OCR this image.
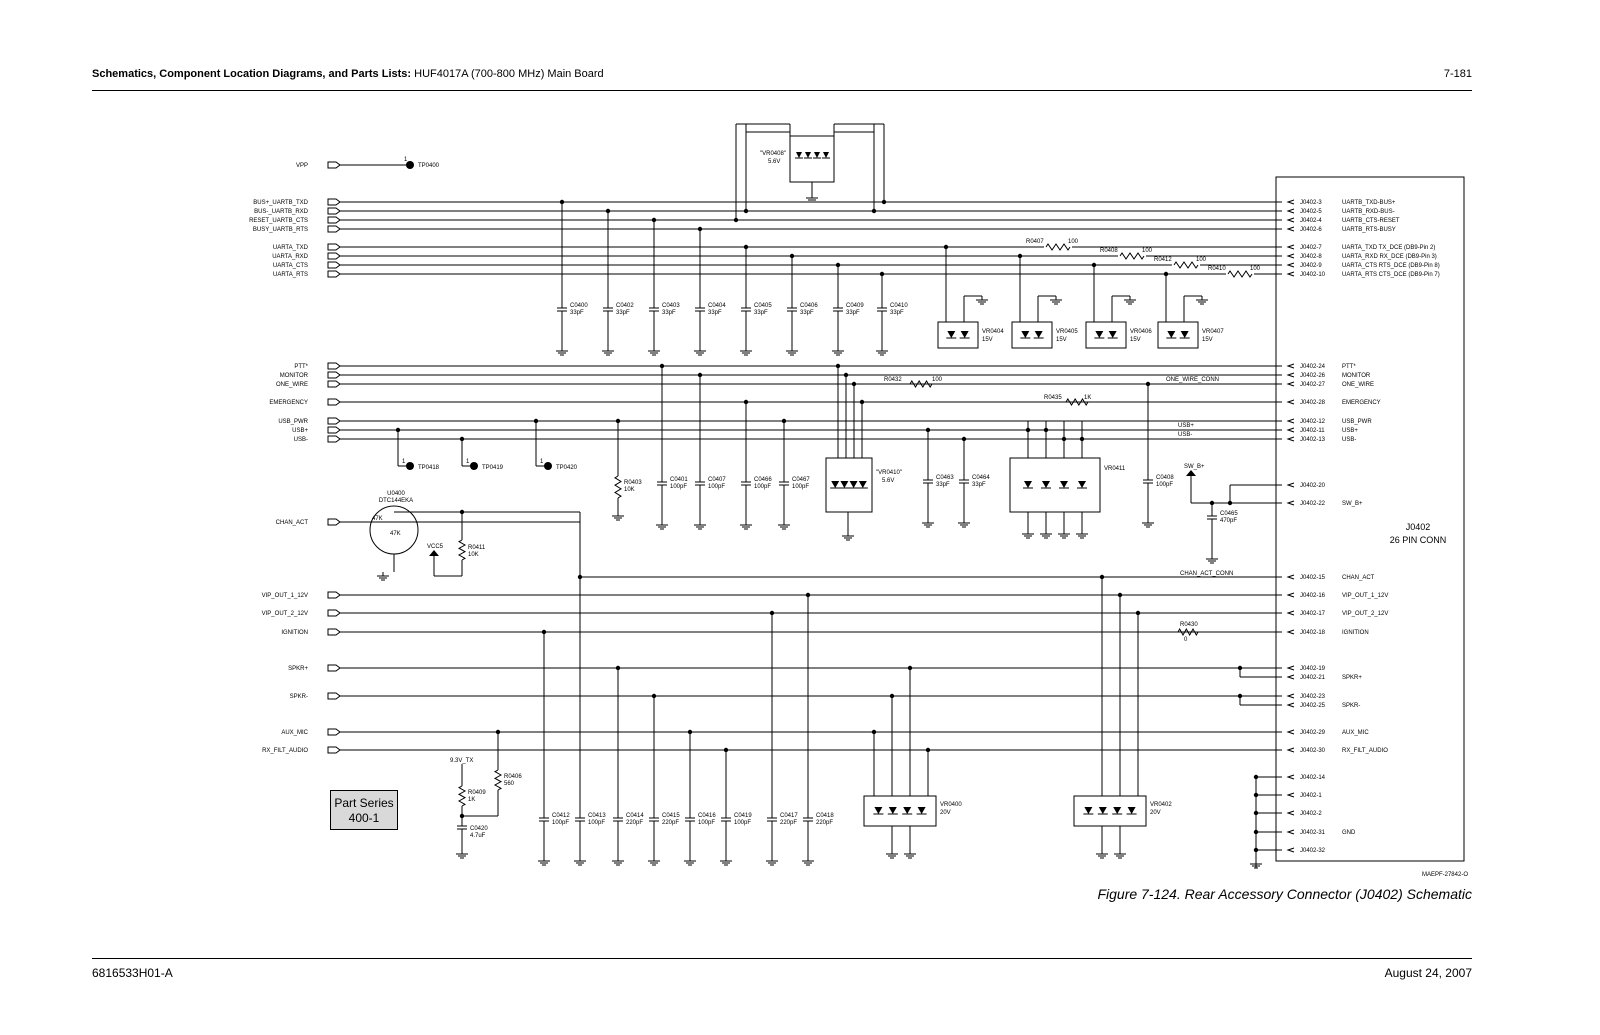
Schematics, Component Location Diagrams, and Parts Lists: HUF4017A (700-800 MHz) Main Board	7-181
VPP
BUS+_UARTB_TXD
BUS-_UARTB_RXD
RESET_UARTB_CTS
BUSY_UARTB_RTS
UARTA_TXD
UARTA_RXD
UARTA_CTS
UARTA_RTS
PTT*
MONITOR
ONE_WIRE
EMERGENCY
USB_PWR
USB+
USB-
CHAN_ACT
VIP_OUT_1_12V
VIP_OUT_2_12V
IGNITION
SPKR+
SPKR-
AUX_MIC
RX_FILT_AUDIO
1
TP0400
J0402
26 PIN CONN
J0402-3	UARTB_TXD-BUS+
J0402-5	UARTB_RXD-BUS-
J0402-4	UARTB_CTS-RESET
J0402-6	UARTB_RTS-BUSY
J0402-7	UARTA_TXD TX_DCE (DB9-Pin 2)
J0402-8	UARTA_RXD RX_DCE (DB9-Pin 3)
J0402-9	UARTA_CTS RTS_DCE (DB9-Pin 8)
J0402-10	UARTA_RTS CTS_DCE (DB9-Pin 7)
J0402-24	PTT*
J0402-26	MONITOR
J0402-27	ONE_WIRE
J0402-28	EMERGENCY
J0402-12	USB_PWR
J0402-11	USB+
J0402-13	USB-
J0402-20
J0402-22	SW_B+
J0402-15	CHAN_ACT
J0402-16	VIP_OUT_1_12V
J0402-17	VIP_OUT_2_12V
J0402-18	IGNITION
J0402-19
J0402-21	SPKR+
J0402-23
J0402-25	SPKR-
J0402-29	AUX_MIC
J0402-30	RX_FILT_AUDIO
J0402-14
J0402-1
J0402-2
J0402-31	GND
J0402-32
"VR0408"
5.6V
C0400
33pF
C0402
33pF
C0403
33pF
C0404
33pF
C0405
33pF
C0406
33pF
C0409
33pF
C0410
33pF
R0407	100
R0408	100
R0412	100
R0410	100
VR0404
15V
VR0405
15V
VR0406
15V
VR0407
15V
R0432	100	ONE_WIRE_CONN
R0435	1K
USB+
USB-
1
TP0418
1
TP0419
1
TP0420
R0403
10K
C0401
100pF
C0407
100pF
C0466
100pF
C0467
100pF
C0463
33pF
C0464
33pF
C0408
100pF
"VR0410"
5.6V
VR0411	SW_B+
C0465
470pF
U0400
DTC144EKA
47K
47K
CHAN_ACT_CONN
VCC5	R0411
10K
R0430
0
C0412
100pF
C0413
100pF
C0414
220pF
C0415
220pF
C0416
100pF
C0419
100pF
C0417
220pF
C0418
220pF
VR0400
20V
VR0402
20V
9.3V_TX
R0409
1K
R0406
560
C0420
4.7uF
MAEPF-27842-O
Part Series
400-1
Figure 7-124. Rear Accessory Connector (J0402) Schematic
6816533H01-A	August 24, 2007
